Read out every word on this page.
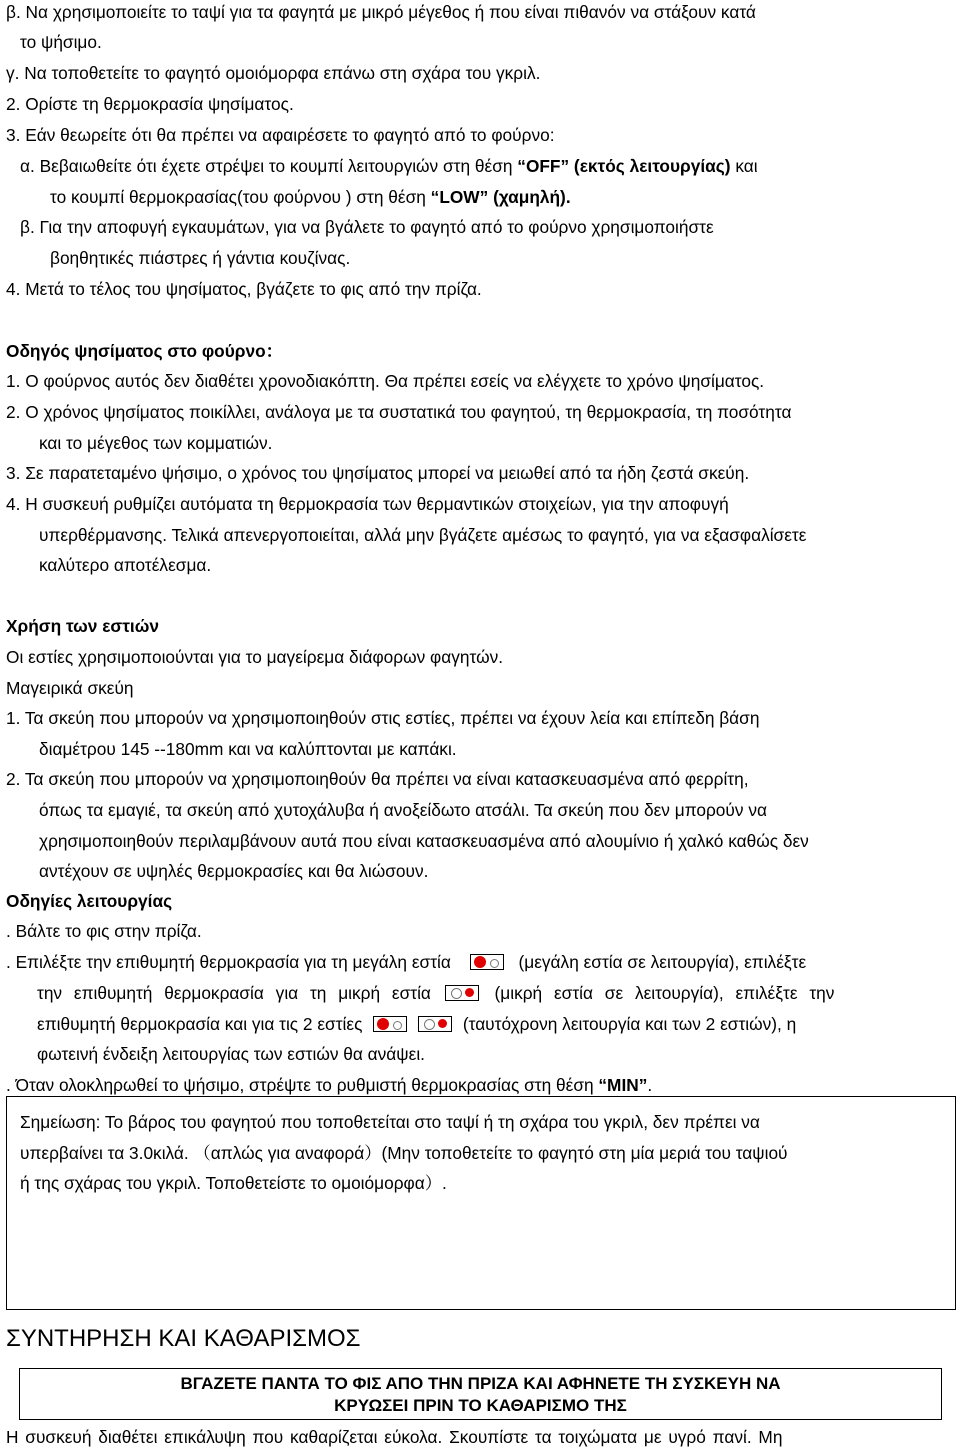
β. Να χρησιμοποιείτε το ταψί για τα φαγητά με μικρό μέγεθος ή που είναι πιθανόν να στάξουν κατά
το ψήσιμο.
γ. Να τοποθετείτε το φαγητό ομοιόμορφα επάνω στη σχάρα του γκριλ.
2. Ορίστε τη θερμοκρασία ψησίματος.
3. Εάν θεωρείτε ότι θα πρέπει να αφαιρέσετε το φαγητό από το φούρνο:
α. Βεβαιωθείτε ότι έχετε στρέψει το κουμπί λειτουργιών στη θέση “OFF” (εκτός λειτουργίας) και
το κουμπί θερμοκρασίας(του φούρνου ) στη θέση “LOW” (χαμηλή).
β. Για την αποφυγή εγκαυμάτων, για να βγάλετε το φαγητό από το φούρνο χρησιμοποιήστε
βοηθητικές πιάστρες ή γάντια κουζίνας.
4. Μετά το τέλος του ψησίματος, βγάζετε το φις από την πρίζα.
Οδηγός ψησίματος στο φούρνο：
1. Ο φούρνος αυτός δεν διαθέτει χρονοδιακόπτη. Θα πρέπει εσείς να ελέγχετε το χρόνο ψησίματος.
2. Ο χρόνος ψησίματος ποικίλλει, ανάλογα με τα συστατικά του φαγητού, τη θερμοκρασία, τη ποσότητα
και το μέγεθος των κομματιών.
3. Σε παρατεταμένο ψήσιμο, ο χρόνος του ψησίματος μπορεί να μειωθεί από τα ήδη ζεστά σκεύη.
4. Η συσκευή ρυθμίζει αυτόματα τη θερμοκρασία των θερμαντικών στοιχείων, για την αποφυγή
υπερθέρμανσης. Τελικά απενεργοποιείται, αλλά μην βγάζετε αμέσως το φαγητό, για να εξασφαλίσετε
καλύτερο αποτέλεσμα.
Χρήση των εστιών
Οι εστίες χρησιμοποιούνται για το μαγείρεμα διάφορων φαγητών.
Μαγειρικά σκεύη
1. Τα σκεύη που μπορούν να χρησιμοποιηθούν στις εστίες, πρέπει να έχουν λεία και επίπεδη βάση
διαμέτρου 145 --180mm και να καλύπτονται με καπάκι.
2. Τα σκεύη που μπορούν να χρησιμοποιηθούν θα πρέπει να είναι κατασκευασμένα από φερρίτη,
όπως τα εμαγιέ, τα σκεύη από χυτοχάλυβα ή ανοξείδωτο ατσάλι. Τα σκεύη που δεν μπορούν να
χρησιμοποιηθούν περιλαμβάνουν αυτά που είναι κατασκευασμένα από αλουμίνιο ή χαλκό καθώς δεν
αντέχουν σε υψηλές θερμοκρασίες και θα λιώσουν.
Οδηγίες λειτουργίας
. Βάλτε το φις στην πρίζα.
. Επιλέξτε την επιθυμητή θερμοκρασία για τη μεγάλη εστία	(μεγάλη εστία σε λειτουργία), επιλέξτε
την επιθυμητή θερμοκρασία για τη μικρή εστία	(μικρή εστία σε λειτουργία), επιλέξτε την
επιθυμητή θερμοκρασία και για τις 2 εστίες
	(ταυτόχρονη λειτουργία και των 2 εστιών), η
φωτεινή ένδειξη λειτουργίας των εστιών θα ανάψει.
. Όταν ολοκληρωθεί το ψήσιμο, στρέψτε το ρυθμιστή θερμοκρασίας στη θέση “MIN”.
Σημείωση: Το βάρος του φαγητού που τοποθετείται στο ταψί ή τη σχάρα του γκριλ, δεν πρέπει να
υπερβαίνει τα 3.0κιλά. （απλώς για αναφορά）(Μην τοποθετείτε το φαγητό στη μία μεριά του ταψιού
ή της σχάρας του γκριλ. Τοποθετείστε το ομοιόμορφα）.
ΣΥΝΤΗΡΗΣΗ ΚΑΙ ΚΑΘΑΡΙΣΜΟΣ
ΒΓΑΖΕΤΕ ΠΑΝΤΑ ΤΟ ΦΙΣ ΑΠΟ ΤΗΝ ΠΡΙΖΑ ΚΑΙ ΑΦΗΝΕΤΕ ΤΗ ΣΥΣΚΕΥΗ ΝΑ
ΚΡΥΩΣΕΙ ΠΡΙΝ ΤΟ ΚΑΘΑΡΙΣΜΟ ΤΗΣ
Η συσκευή διαθέτει επικάλυψη που καθαρίζεται εύκολα. Σκουπίστε τα τοιχώματα με υγρό πανί. Μη
